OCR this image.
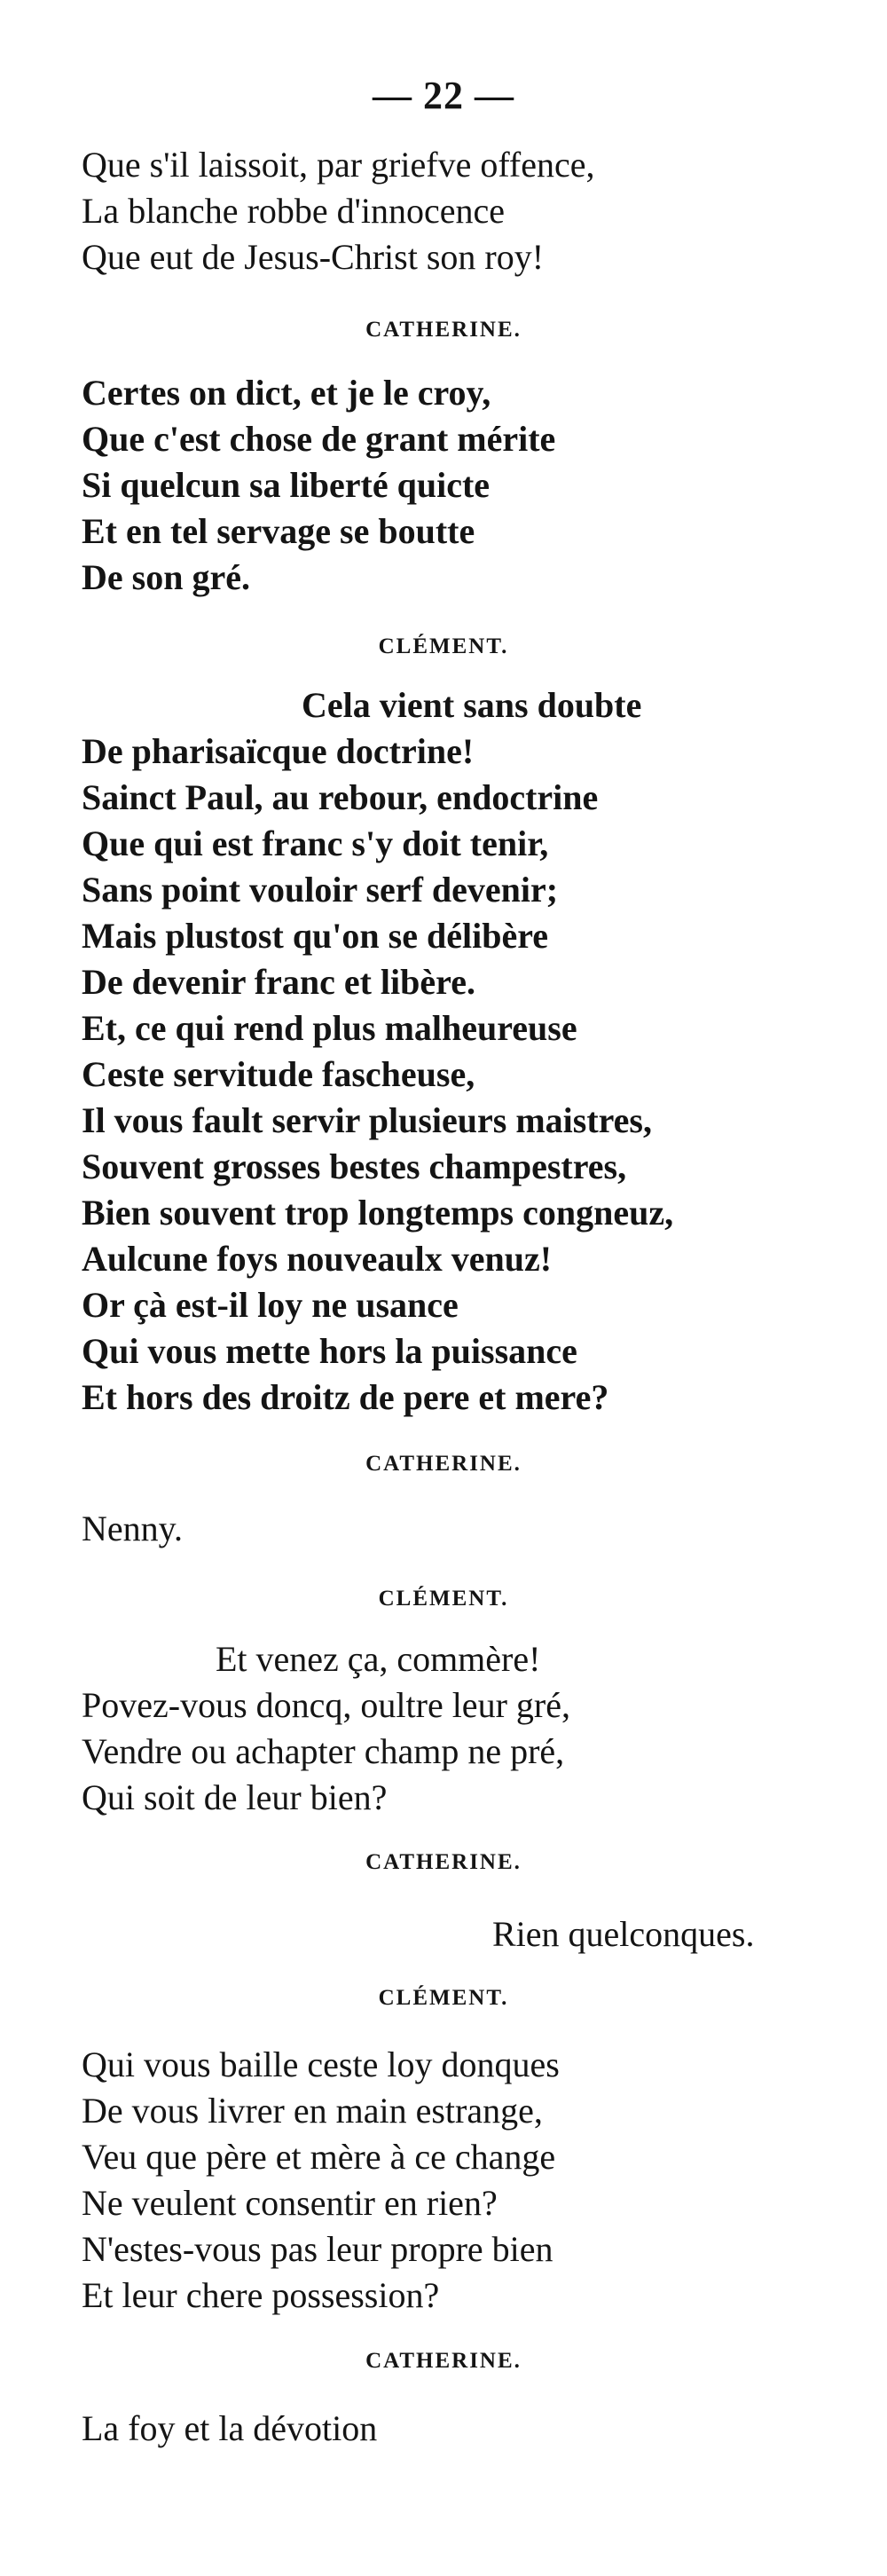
— 22 —
Que s'il laissoit, par griefve offence,
La blanche robbe d'innocence
Que eut de Jesus-Christ son roy!
CATHERINE.
Certes on dict, et je le croy,
Que c'est chose de grant mérite
Si quelcun sa liberté quicte
Et en tel servage se boutte
De son gré.
CLÉMENT.
Cela vient sans doubte
De pharisaïcque doctrine!
Sainct Paul, au rebour, endoctrine
Que qui est franc s'y doit tenir,
Sans point vouloir serf devenir;
Mais plustost qu'on se délibère
De devenir franc et libère.
Et, ce qui rend plus malheureuse
Ceste servitude fascheuse,
Il vous fault servir plusieurs maistres,
Souvent grosses bestes champestres,
Bien souvent trop longtemps congneuz,
Aulcune foys nouveaulx venuz!
Or çà est-il loy ne usance
Qui vous mette hors la puissance
Et hors des droitz de pere et mere?
CATHERINE.
Nenny.
CLÉMENT.
Et venez ça, commère!
Povez-vous doncq, oultre leur gré,
Vendre ou achapter champ ne pré,
Qui soit de leur bien?
CATHERINE.
Rien quelconques.
CLÉMENT.
Qui vous baille ceste loy donques
De vous livrer en main estrange,
Veu que père et mère à ce change
Ne veulent consentir en rien?
N'estes-vous pas leur propre bien
Et leur chere possession?
CATHERINE.
La foy et la dévotion
